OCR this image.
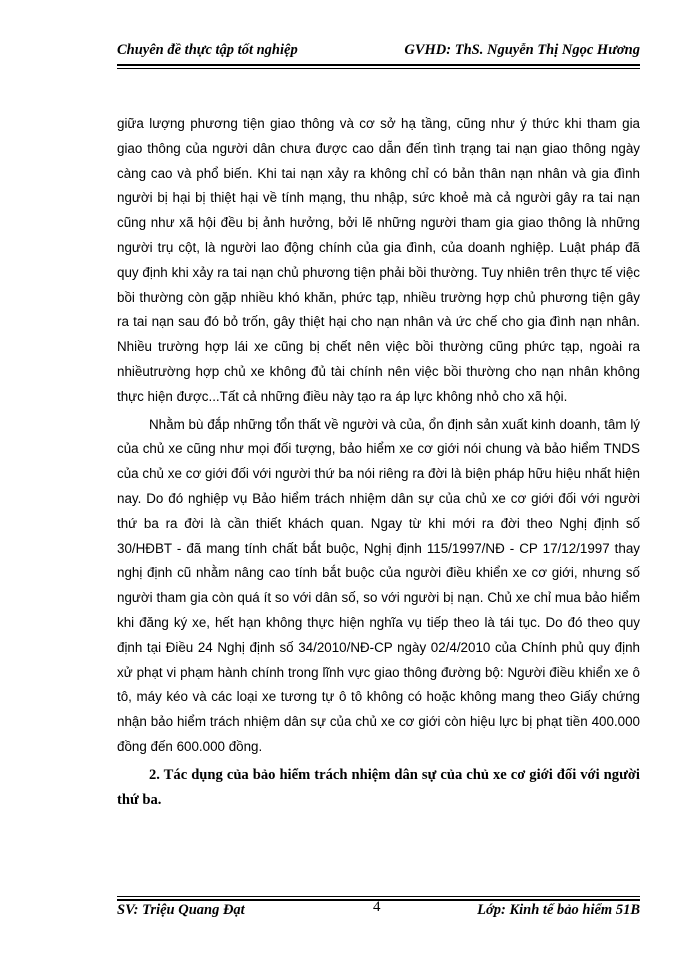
Chuyên đề thực tập tốt nghiệp	GVHD: ThS. Nguyễn Thị Ngọc Hương

giữa lượng phương tiện giao thông và cơ sở hạ tầng, cũng như ý thức khi tham gia giao thông của người dân chưa được cao dẫn đến tình trạng tai nạn giao thông ngày càng cao và phổ biến. Khi tai nạn xảy ra không chỉ có bản thân nạn nhân và gia đình người bị hại bị thiệt hại về tính mạng, thu nhập, sức khoẻ mà cả người gây ra tai nạn cũng như xã hội đều bị ảnh hưởng, bởi lẽ những người tham gia giao thông là những người trụ cột, là người lao động chính của gia đình, của doanh nghiệp. Luật pháp đã quy định khi xảy ra tai nạn chủ phương tiện phải bồi thường. Tuy nhiên trên thực tế việc bồi thường còn gặp nhiều khó khăn, phức tạp, nhiều trường hợp chủ phương tiện gây ra tai nạn sau đó bỏ trốn, gây thiệt hại cho nạn nhân và ức chế cho gia đình nạn nhân. Nhiều trường hợp lái xe cũng bị chết nên việc bồi thường cũng phức tạp, ngoài ra nhiềutrường hợp chủ xe không đủ tài chính nên việc bồi thường cho nạn nhân không thực hiện được...Tất cả những điều này tạo ra áp lực không nhỏ cho xã hội.

Nhằm bù đắp những tổn thất về người và của, ổn định sản xuất kinh doanh, tâm lý của chủ xe cũng như mọi đối tượng, bảo hiểm xe cơ giới nói chung và bảo hiểm TNDS của chủ xe cơ giới đối với người thứ ba nói riêng ra đời là biện pháp hữu hiệu nhất hiện nay. Do đó nghiệp vụ Bảo hiểm trách nhiệm dân sự của chủ xe cơ giới đối với người thứ ba ra đời là cần thiết khách quan. Ngay từ khi mới ra đời theo Nghị định số 30/HĐBT - đã mang tính chất bắt buộc, Nghị định 115/1997/NĐ - CP 17/12/1997 thay nghị định cũ nhằm nâng cao tính bắt buộc của người điều khiển xe cơ giới, nhưng số người tham gia còn quá ít so với dân số, so với người bị nạn. Chủ xe chỉ mua bảo hiểm khi đăng ký xe, hết hạn không thực hiện nghĩa vụ tiếp theo là tái tục. Do đó theo quy định tại Điều 24 Nghị định số 34/2010/NĐ-CP ngày 02/4/2010 của Chính phủ quy định xử phạt vi phạm hành chính trong lĩnh vực giao thông đường bộ: Người điều khiển xe ô tô, máy kéo và các loại xe tương tự ô tô không có hoặc không mang theo Giấy chứng nhận bảo hiểm trách nhiệm dân sự của chủ xe cơ giới còn hiệu lực bị phạt tiền 400.000 đồng đến 600.000 đồng.

2. Tác dụng của bảo hiểm trách nhiệm dân sự của chủ xe cơ giới đối với người thứ ba.

SV: Triệu Quang Đạt	4	Lớp: Kinh tế bảo hiểm 51B
